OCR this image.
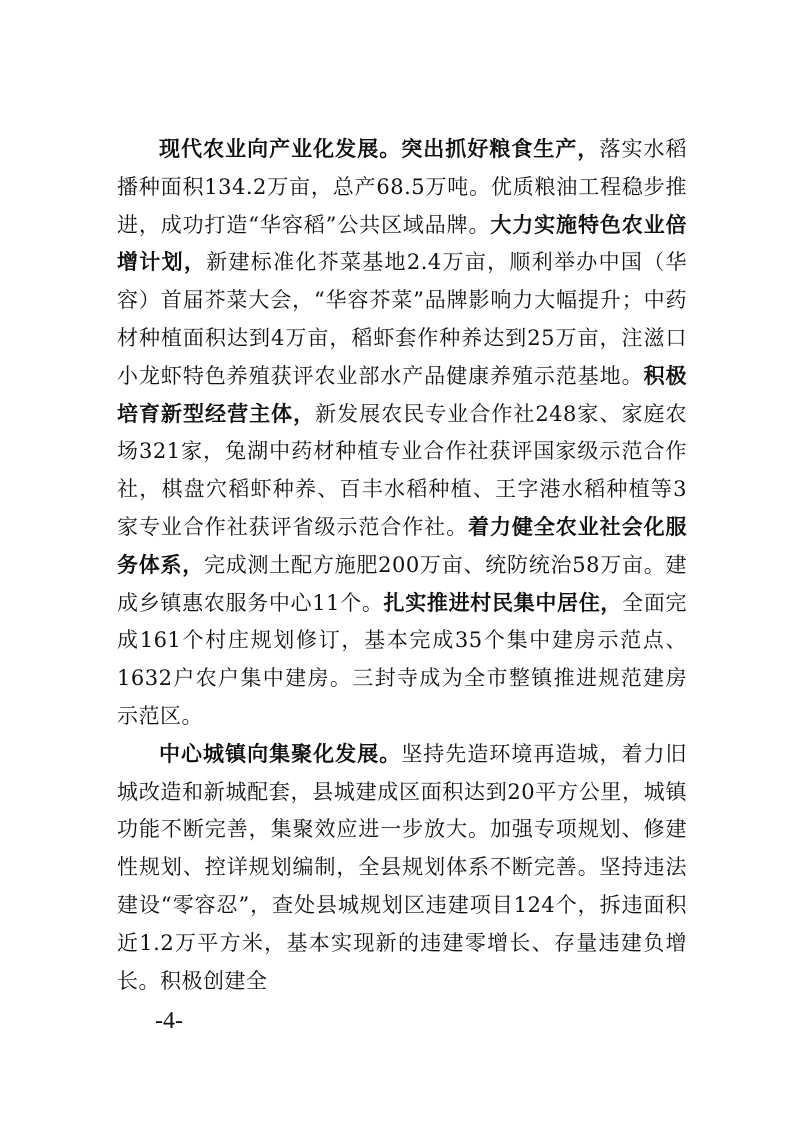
现代农业向产业化发展。突出抓好粮食生产，落实水稻播种面积134.2万亩，总产68.5万吨。优质粮油工程稳步推进，成功打造“华容稻”公共区域品牌。大力实施特色农业倍增计划，新建标准化芥菜基地2.4万亩，顺利举办中国（华容）首届芥菜大会，“华容芥菜”品牌影响力大幅提升；中药材种植面积达到4万亩，稻虾套作种养达到25万亩，注滋口小龙虾特色养殖获评农业部水产品健康养殖示范基地。积极培育新型经营主体，新发展农民专业合作社248家、家庭农场321家，兔湖中药材种植专业合作社获评国家级示范合作社，棋盘穴稻虾种养、百丰水稻种植、王字港水稻种植等3家专业合作社获评省级示范合作社。着力健全农业社会化服务体系，完成测土配方施肥200万亩、统防统治58万亩。建成乡镇惠农服务中心11个。扎实推进村民集中居住，全面完成161个村庄规划修订，基本完成35个集中建房示范点、1632户农户集中建房。三封寺成为全市整镇推进规范建房示范区。

中心城镇向集聚化发展。坚持先造环境再造城，着力旧城改造和新城配套，县城建成区面积达到20平方公里，城镇功能不断完善，集聚效应进一步放大。加强专项规划、修建性规划、控详规划编制，全县规划体系不断完善。坚持违法建设“零容忍”，查处县城规划区违建项目124个，拆违面积近1.2万平方米，基本实现新的违建零增长、存量违建负增长。积极创建全

-4-
